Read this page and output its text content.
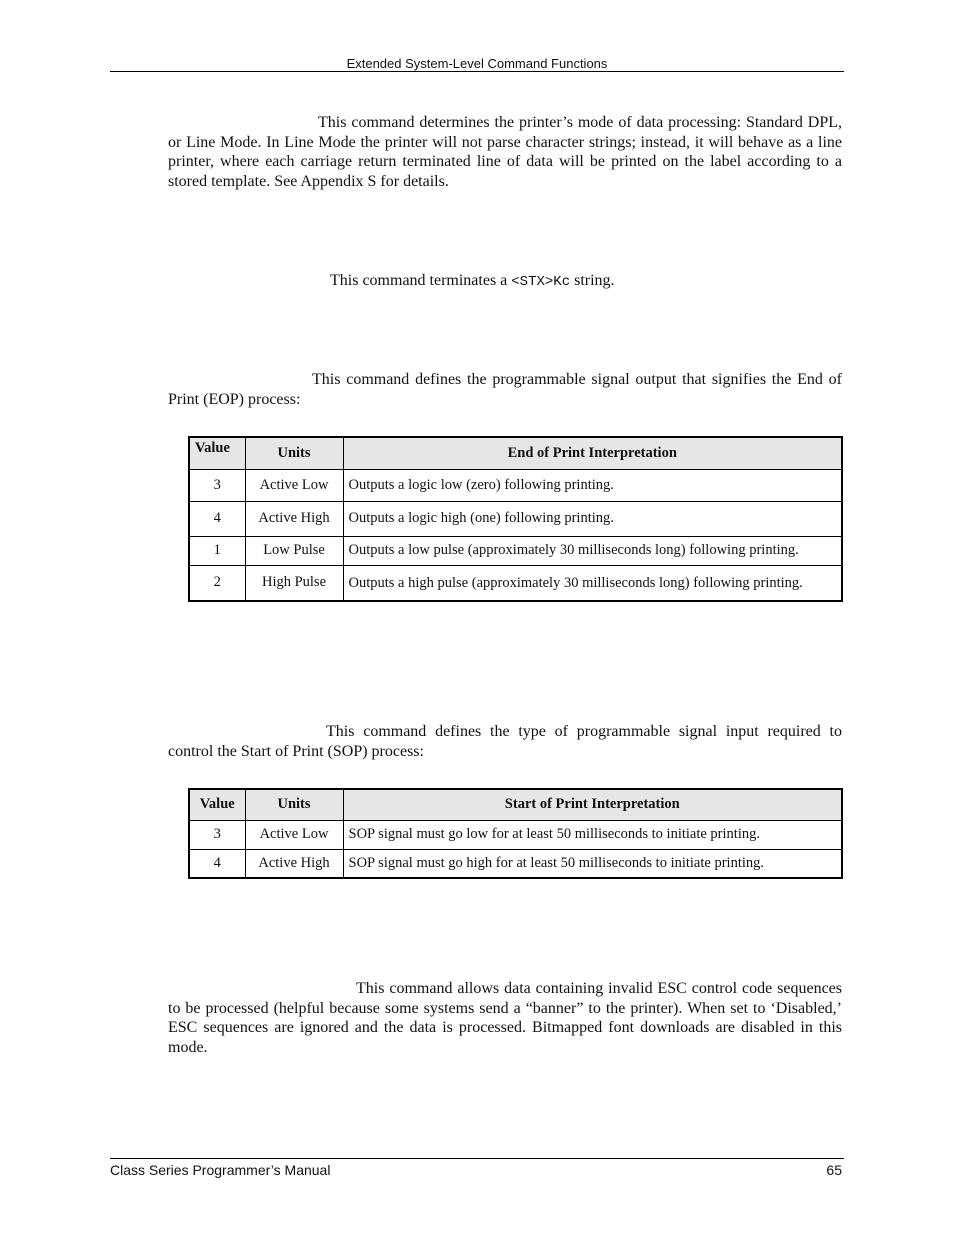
Extended System-Level Command Functions

This command determines the printer’s mode of data processing: Standard DPL, or Line Mode. In Line Mode the printer will not parse character strings; instead, it will behave as a line printer, where each carriage return terminated line of data will be printed on the label according to a stored template. See Appendix S for details.

This command terminates a <STX>Kc string.

This command defines the programmable signal output that signifies the End of Print (EOP) process:

Value	Units	End of Print Interpretation
3	Active Low	Outputs a logic low (zero) following printing.
4	Active High	Outputs a logic high (one) following printing.
1	Low Pulse	Outputs a low pulse (approximately 30 milliseconds long) following printing.
2	High Pulse	Outputs a high pulse (approximately 30 milliseconds long) following printing.

This command defines the type of programmable signal input required to control the Start of Print (SOP) process:

Value	Units	Start of Print Interpretation
3	Active Low	SOP signal must go low for at least 50 milliseconds to initiate printing.
4	Active High	SOP signal must go high for at least 50 milliseconds to initiate printing.

This command allows data containing invalid ESC control code sequences to be processed (helpful because some systems send a “banner” to the printer). When set to ‘Disabled,’ ESC sequences are ignored and the data is processed. Bitmapped font downloads are disabled in this mode.

Class Series Programmer’s Manual	65
